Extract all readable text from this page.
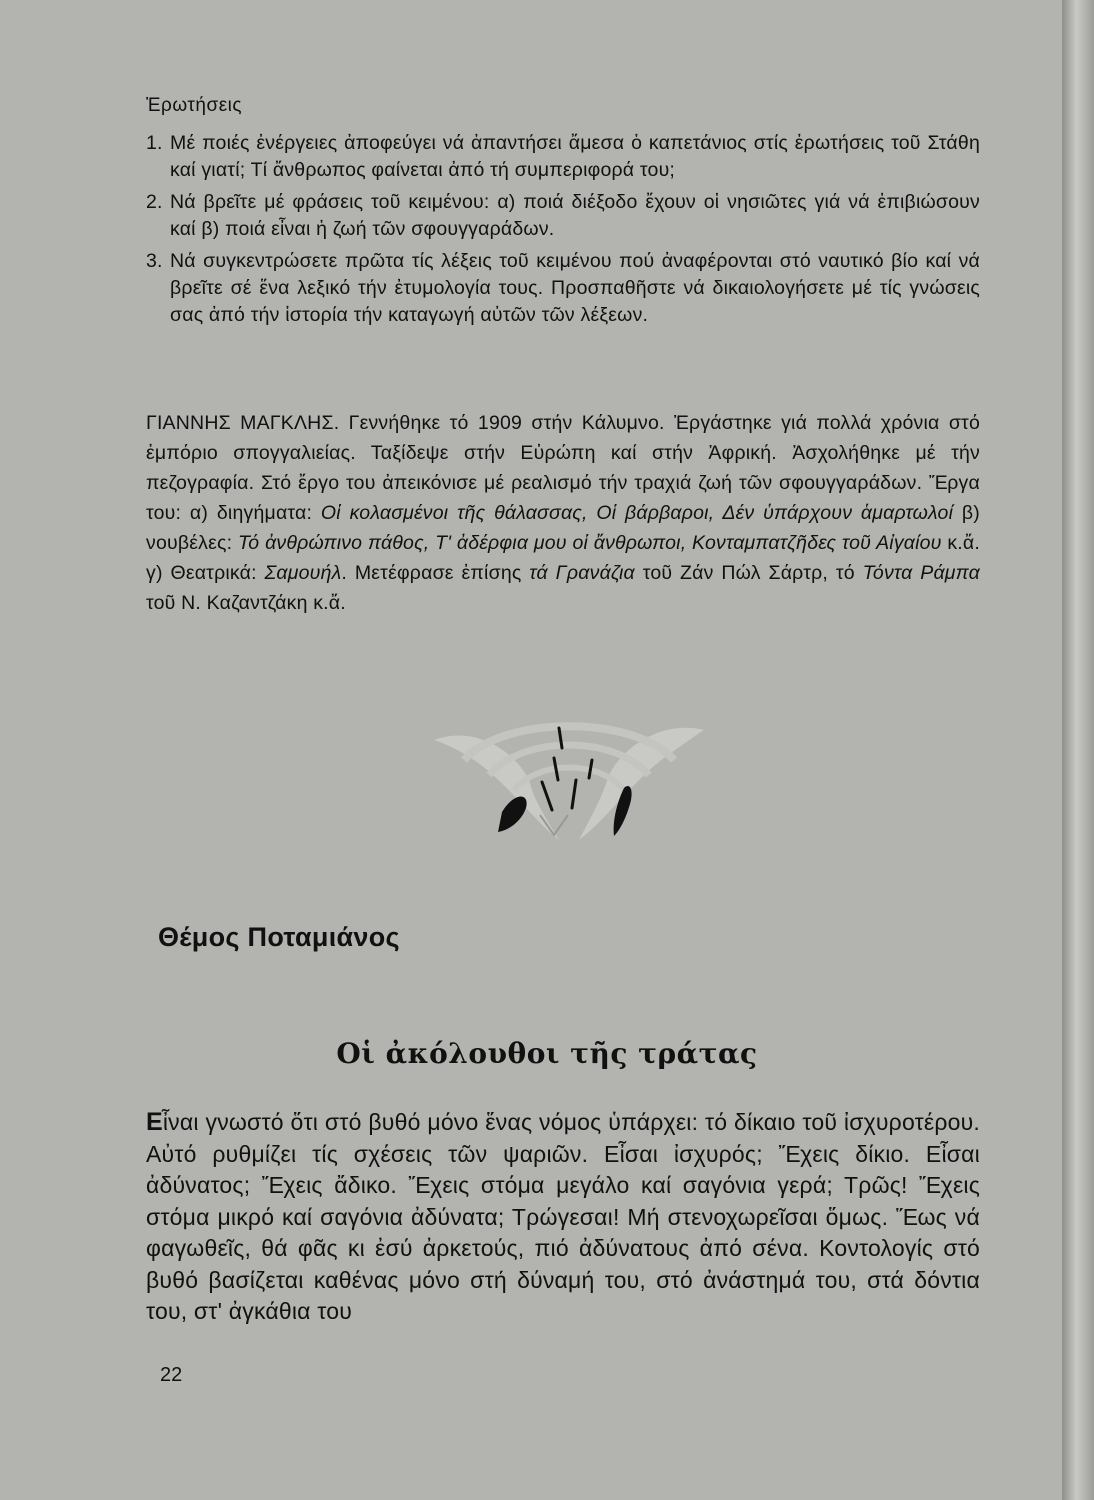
Ἐρωτήσεις
1. Μέ ποιές ἐνέργειες ἀποφεύγει νά ἀπαντήσει ἄμεσα ὁ καπετάνιος στίς ἐρωτήσεις τοῦ Στάθη καί γιατί; Τί ἄνθρωπος φαίνεται ἀπό τή συμπεριφορά του;
2. Νά βρεῖτε μέ φράσεις τοῦ κειμένου: α) ποιά διέξοδο ἔχουν οἱ νησιῶτες γιά νά ἐπιβιώσουν καί β) ποιά εἶναι ἡ ζωή τῶν σφουγγαράδων.
3. Νά συγκεντρώσετε πρῶτα τίς λέξεις τοῦ κειμένου πού ἀναφέρονται στό ναυτικό βίο καί νά βρεῖτε σέ ἕνα λεξικό τήν ἐτυμολογία τους. Προσπαθῆστε νά δικαιολογήσετε μέ τίς γνώσεις σας ἀπό τήν ἱστορία τήν καταγωγή αὐτῶν τῶν λέξεων.

ΓΙΑΝΝΗΣ ΜΑΓΚΛΗΣ. Γεννήθηκε τό 1909 στήν Κάλυμνο. Ἐργάστηκε γιά πολλά χρόνια στό ἐμπόριο σπογγαλιείας. Ταξίδεψε στήν Εὐρώπη καί στήν Ἀφρική. Ἀσχολήθηκε μέ τήν πεζογραφία. Στό ἔργο του ἀπεικόνισε μέ ρεαλισμό τήν τραχιά ζωή τῶν σφουγγαράδων. Ἔργα του: α) διηγήματα: Οἱ κολασμένοι τῆς θάλασσας, Οἱ βάρβαροι, Δέν ὑπάρχουν ἁμαρτωλοί β) νουβέλες: Τό ἀνθρώπινο πάθος, Τ' ἀδέρφια μου οἱ ἄνθρωποι, Κονταμπατζῆδες τοῦ Αἰγαίου κ.ἄ. γ) Θεατρικά: Σαμουήλ. Μετέφρασε ἐπίσης τά Γρανάζια τοῦ Ζάν Πώλ Σάρτρ, τό Τόντα Ράμπα τοῦ Ν. Καζαντζάκη κ.ἄ.

Θέμος Ποταμιάνος
Οἱ ἀκόλουθοι τῆς τράτας

Εἶναι γνωστό ὅτι στό βυθό μόνο ἕνας νόμος ὑπάρχει: τό δίκαιο τοῦ ἰσχυροτέρου. Αὐτό ρυθμίζει τίς σχέσεις τῶν ψαριῶν. Εἶσαι ἰσχυρός; Ἔχεις δίκιο. Εἶσαι ἀδύνατος; Ἔχεις ἄδικο. Ἔχεις στόμα μεγάλο καί σαγόνια γερά; Τρῶς! Ἔχεις στόμα μικρό καί σαγόνια ἀδύνατα; Τρώγεσαι! Μή στενοχωρεῖσαι ὅμως. Ἕως νά φαγωθεῖς, θά φᾶς κι ἐσύ ἀρκετούς, πιό ἀδύνατους ἀπό σένα. Κοντολογίς στό βυθό βασίζεται καθένας μόνο στή δύναμή του, στό ἀνάστημά του, στά δόντια του, στ' ἀγκάθια του

22
